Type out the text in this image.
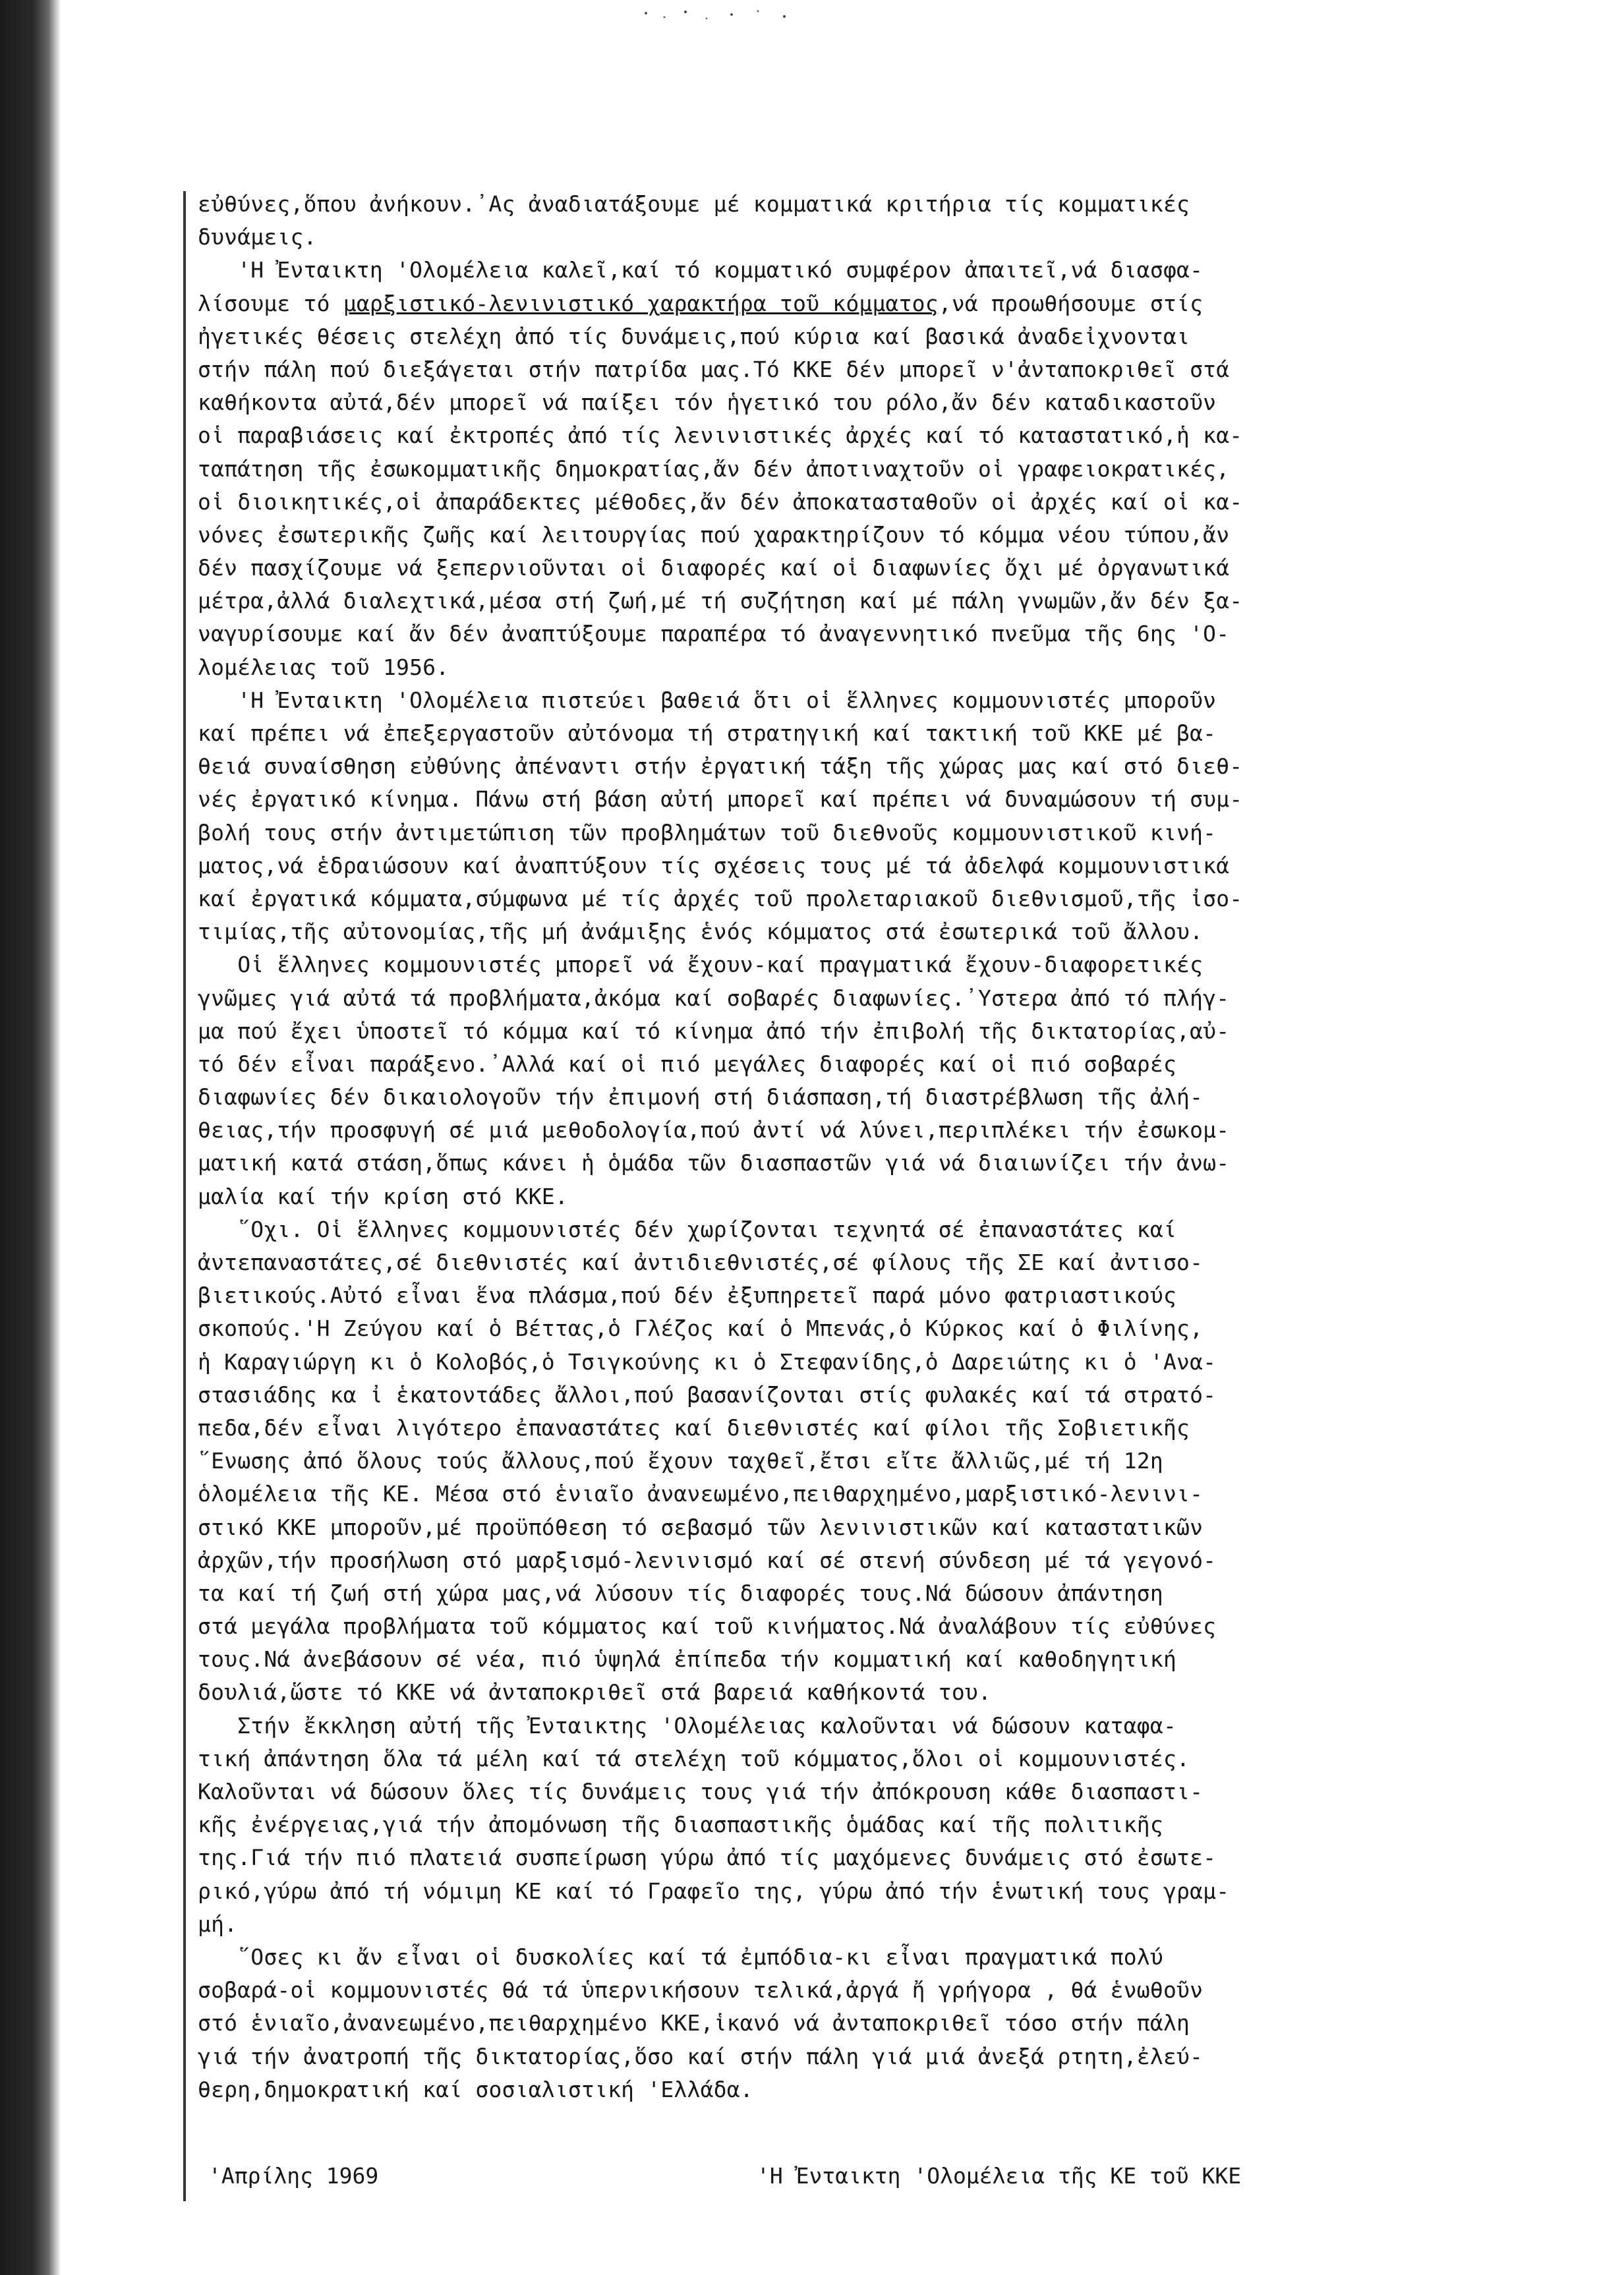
εὐθύνες,ὅπου ἀνήκουν.᾽Ας ἀναδιατάξουμε μέ κομματικά κριτήρια τίς κομματικές
δυνάμεις.
'Η Ἐνταικτη 'Ολομέλεια καλεῖ,καί τό κομματικό συμφέρον ἀπαιτεῖ,νά διασφα-
λίσουμε τό μαρξιστικό-λενινιστικό χαρακτήρα τοῦ κόμματος,νά προωθήσουμε στίς
ἠγετικές θέσεις στελέχη ἀπό τίς δυνάμεις,πού κύρια καί βασικά ἀναδεἰχνονται
στήν πάλη πού διεξάγεται στήν πατρίδα μας.Τό ΚΚΕ δέν μπορεῖ ν'ἀνταποκριθεῖ στά
καθήκοντα αὐτά,δέν μπορεῖ νά παίξει τόν ἡγετικό του ρόλο,ἄν δέν καταδικαστοῦν
οἱ παραβιάσεις καί ἐκτροπές ἀπό τίς λενινιστικές ἀρχές καί τό καταστατικό,ἡ κα-
ταπάτηση τῆς ἐσωκομματικῆς δημοκρατίας,ἄν δέν ἀποτιναχτοῦν οἱ γραφειοκρατικές,
οἱ διοικητικές,οἱ ἀπαράδεκτες μέθοδες,ἄν δέν ἀποκατασταθοῦν οἱ ἀρχές καί οἱ κα-
νόνες ἐσωτερικῆς ζωῆς καί λειτουργίας πού χαρακτηρίζουν τό κόμμα νέου τύπου,ἄν
δέν πασχίζουμε νά ξεπερνιοῦνται οἱ διαφορές καί οἱ διαφωνίες ὄχι μέ ὀργανωτικά
μέτρα,ἀλλά διαλεχτικά,μέσα στή ζωή,μέ τή συζήτηση καί μέ πάλη γνωμῶν,ἄν δέν ξα-
ναγυρίσουμε καί ἄν δέν ἀναπτύξουμε παραπέρα τό ἀναγεννητικό πνεῦμα τῆς 6ης 'Ο-
λομέλειας τοῦ 1956.
'Η Ἐνταικτη 'Ολομέλεια πιστεύει βαθειά ὅτι οἱ ἕλληνες κομμουνιστές μποροῦν
καί πρέπει νά ἐπεξεργαστοῦν αὐτόνομα τή στρατηγική καί τακτική τοῦ ΚΚΕ μέ βα-
θειά συναίσθηση εὐθύνης ἀπέναντι στήν ἐργατική τάξη τῆς χώρας μας καί στό διεθ-
νές ἐργατικό κίνημα. Πάνω στή βάση αὐτή μπορεῖ καί πρέπει νά δυναμώσουν τή συμ-
βολή τους στήν ἀντιμετώπιση τῶν προβλημάτων τοῦ διεθνοῦς κομμουνιστικοῦ κινή-
ματος,νά ἑδραιώσουν καί ἀναπτύξουν τίς σχέσεις τους μέ τά ἀδελφά κομμουνιστικά
καί ἐργατικά κόμματα,σύμφωνα μέ τίς ἀρχές τοῦ προλεταριακοῦ διεθνισμοῦ,τῆς ἰσο-
τιμίας,τῆς αὐτονομίας,τῆς μή ἀνάμιξης ἑνός κόμματος στά ἐσωτερικά τοῦ ἄλλου.
Οἱ ἕλληνες κομμουνιστές μπορεῖ νά ἔχουν-καί πραγματικά ἔχουν-διαφορετικές
γνῶμες γιά αὐτά τά προβλήματα,ἀκόμα καί σοβαρές διαφωνίες.᾽Υστερα ἀπό τό πλήγ-
μα πού ἔχει ὑποστεῖ τό κόμμα καί τό κίνημα ἀπό τήν ἐπιβολή τῆς δικτατορίας,αὐ-
τό δέν εἶναι παράξενο.᾽Αλλά καί οἱ πιό μεγάλες διαφορές καί οἱ πιό σοβαρές
διαφωνίες δέν δικαιολογοῦν τήν ἐπιμονή στή διάσπαση,τή διαστρέβλωση τῆς ἀλή-
θειας,τήν προσφυγή σέ μιά μεθοδολογία,πού ἀντί νά λύνει,περιπλέκει τήν ἐσωκομ-
ματική κατά στάση,ὅπως κάνει ἡ ὁμάδα τῶν διασπαστῶν γιά νά διαιωνίζει τήν ἀνω-
μαλία καί τήν κρίση στό ΚΚΕ.
῞Οχι. Οἱ ἕλληνες κομμουνιστές δέν χωρίζονται τεχνητά σέ ἐπαναστάτες καί
ἀντεπαναστάτες,σέ διεθνιστές καί ἀντιδιεθνιστές,σέ φίλους τῆς ΣΕ καί ἀντισο-
βιετικούς.Αὐτό εἶναι ἕνα πλάσμα,πού δέν ἐξυπηρετεῖ παρά μόνο φατριαστικούς
σκοπούς.'Η Ζεύγου καί ὁ Βέττας,ὁ Γλέζος καί ὁ Μπενάς,ὁ Κύρκος καί ὁ Φιλίνης,
ἡ Καραγιώργη κι ὁ Κολοβός,ὁ Τσιγκούνης κι ὁ Στεφανίδης,ὁ Δαρειώτης κι ὁ 'Ανα-
στασιάδης κα ἰ ἑκατοντάδες ἄλλοι,πού βασανίζονται στίς φυλακές καί τά στρατό-
πεδα,δέν εἶναι λιγότερο ἐπαναστάτες καί διεθνιστές καί φίλοι τῆς Σοβιετικῆς
῞Ενωσης ἀπό ὅλους τούς ἄλλους,πού ἔχουν ταχθεῖ,ἔτσι εἴτε ἄλλιῶς,μέ τή 12η
ὁλομέλεια τῆς ΚΕ. Μέσα στό ἑνιαῖο ἀνανεωμένο,πειθαρχημένο,μαρξιστικό-λενινι-
στικό ΚΚΕ μποροῦν,μέ προϋπόθεση τό σεβασμό τῶν λενινιστικῶν καί καταστατικῶν
ἀρχῶν,τήν προσήλωση στό μαρξισμό-λενινισμό καί σέ στενή σύνδεση μέ τά γεγονό-
τα καί τή ζωή στή χώρα μας,νά λύσουν τίς διαφορές τους.Νά δώσουν ἀπάντηση
στά μεγάλα προβλήματα τοῦ κόμματος καί τοῦ κινήματος.Νά ἀναλάβουν τίς εὐθύνες
τους.Νά ἀνεβάσουν σέ νέα, πιό ὑψηλά ἐπίπεδα τήν κομματική καί καθοδηγητική
δουλιά,ὥστε τό ΚΚΕ νά ἀνταποκριθεῖ στά βαρειά καθήκοντά του.
Στήν ἔκκληση αὐτή τῆς Ἐνταικτης 'Ολομέλειας καλοῦνται νά δώσουν καταφα-
τική ἀπάντηση ὅλα τά μέλη καί τά στελέχη τοῦ κόμματος,ὅλοι οἱ κομμουνιστές.
Καλοῦνται νά δώσουν ὅλες τίς δυνάμεις τους γιά τήν ἀπόκρουση κάθε διασπαστι-
κῆς ἐνέργειας,γιά τήν ἀπομόνωση τῆς διασπαστικῆς ὁμάδας καί τῆς πολιτικῆς
της.Γιά τήν πιό πλατειά συσπείρωση γύρω ἀπό τίς μαχόμενες δυνάμεις στό ἐσωτε-
ρικό,γύρω ἀπό τή νόμιμη ΚΕ καί τό Γραφεῖο της, γύρω ἀπό τήν ἑνωτική τους γραμ-
μή.
῞Οσες κι ἄν εἶναι οἱ δυσκολίες καί τά ἐμπόδια-κι εἶναι πραγματικά πολύ
σοβαρά-οἱ κομμουνιστές θά τά ὑπερνικήσουν τελικά,ἀργά ἤ γρήγορα , θά ἑνωθοῦν
στό ἑνιαῖο,ἀνανεωμένο,πειθαρχημένο ΚΚΕ,ἱκανό νά ἀνταποκριθεῖ τόσο στήν πάλη
γιά τήν ἀνατροπή τῆς δικτατορίας,ὅσο καί στήν πάλη γιά μιά ἀνεξά ρτητη,ἐλεύ-
θερη,δημοκρατική καί σοσιαλιστική 'Ελλάδα.
'Απρίλης 1969	'Η Ἐνταικτη 'Ολομέλεια τῆς ΚΕ τοῦ ΚΚΕ
